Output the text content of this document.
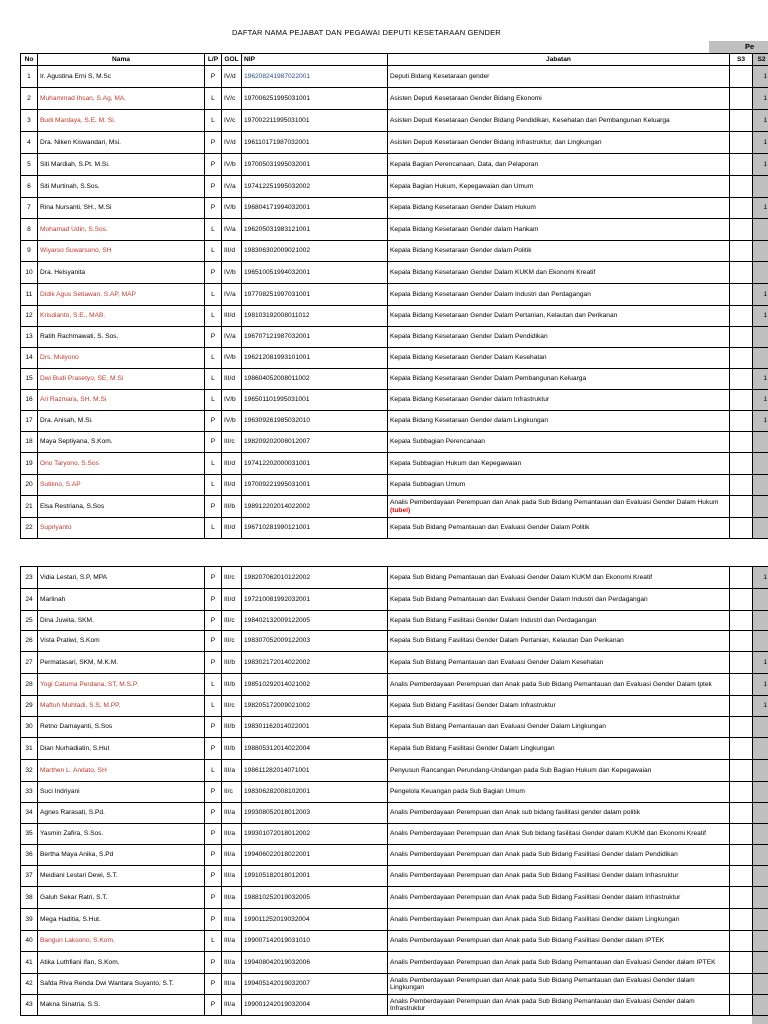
DAFTAR NAMA PEJABAT DAN PEGAWAI DEPUTI KESETARAAN GENDER
Pe
No	Nama	L/P	GOL	NIP	Jabatan	S3	S2
1	Ir. Agustina Erni S, M.Sc	P	IV/d	196208241987022001	Deputi Bidang Kesetaraan gender		1
2	Muhammad Ihsan, S.Ag, MA.	L	IV/c	197006251995031001	Asisten Deputi Kesetaraan Gender Bidang Ekonomi		1
3	Budi Mardaya, S.E, M. Si.	L	IV/c	197002211995031001	Asisten Deputi Kesetaraan Gender Bidang Pendidikan, Kesehatan dan Pembangunan Keluarga		1
4	Dra. Niken Kiswandari, Msi.	P	IV/d	196110171987032001	Asisten Deputi Kesetaraan Gender Bidang Infrastruktur, dan Lingkungan		1
5	Siti Mardiah, S.Pt. M.Si.	P	IV/b	197005031995032001	Kepala Bagian Perencanaan, Data, dan Pelaporan		1
6	Siti Murtinah, S.Sos.	P	IV/a	197412251995032002	Kepala Bagian Hukum, Kepegawaian dan Umum		
7	Rina Nursanti, SH., M.Si	P	IV/b	196804171994032001	Kepala Bidang Kesetaraan Gender Dalam Hukum		1
8	Mohamad Udin, S.Sos.	L	IV/a	196205031983121001	Kepala Bidang Kesetaraan Gender dalam Hankam		
9	Wiyarso Suwarsono, SH	L	III/d	198306302009021002	Kepala Bidang Kesetaraan Gender dalam Politik		
10	Dra. Helsyanita	P	IV/b	196510051994032001	Kepala Bidang Kesetaraan Gender Dalam KUKM dan Ekonomi Kreatif		
11	Didik Agus Setiawan, S.AP, MAP	L	IV/a	197708251997031001	Kepala Bidang Kesetaraan Gender Dalam Industri dan Perdagangan		1
12	Krisdianto, S.E., MAB.	L	III/d	198103192008011012	Kepala Bidang Kesetaraan Gender Dalam Pertanian, Kelautan dan Perikanan		1
13	Ratih Rachmawati, S. Sos.	P	IV/a	196707121987032001	Kepala Bidang Kesetaraan Gender Dalam Pendidikan		
14	Drs. Mulyono	L	IV/b	196212081993101001	Kepala Bidang Kesetaraan Gender Dalam Kesehatan		
15	Dwi Budi Prasetyo, SE, M.Si	L	III/d	198604052008011002	Kepala Bidang Kesetaraan Gender Dalam Pembangunan Keluarga		1
16	Ari Razmara, SH. M.Si	L	IV/b	196501101995031001	Kepala Bidang Kesetaraan Gender dalam Infrastruktur		1
17	Dra. Anisah, M.Si.	P	IV/b	196309261985032010	Kepala Bidang Kesetaraan Gender dalam Lingkungan		1
18	Maya Septiyana, S.Kom.	P	III/c	198209202008012007	Kepala Subbagian Perencanaan		
19	Ono Taryono, S.Sos	L	III/d	197412202000031001	Kepala Subbagian Hukum dan Kepegawaian		
20	Sutikno, S.AP	L	III/d	197009221995031001	Kepala Subbagian Umum		
21	Elsa Restriana, S.Sos	P	III/b	198912202014022002	Analis Pemberdayaan Perempuan dan Anak pada Sub Bidang Pemantauan dan Evaluasi Gender Dalam Hukum (tubel)		
22	Supriyanto	L	III/d	196710281990121001	Kepala Sub Bidang Pemantauan dan Evaluasi Gender Dalam Politik		
23	Vidia Lestari, S.P, MPA	P	III/c	198207062010122002	Kepala Sub Bidang Pemantauan dan Evaluasi Gender Dalam KUKM dan Ekonomi Kreatif		1
24	Marlinah	P	III/d	197210081992032001	Kepala Sub Bidang Pemantauan dan Evaluasi Gender Dalam Industri dan Perdagangan		
25	Dina Juwita, SKM.	P	III/c	198402132009122005	Kepala Sub Bidang Fasilitasi Gender Dalam Industri dan Perdagangan		
26	Vista Pratiwi, S.Kom	P	III/c	198307052009122003	Kepala Sub Bidang Fasilitasi Gender Dalam Pertanian, Kelautan Dan Perikanan		
27	Permatasari, SKM, M.K.M.	P	III/b	198302172014022002	Kepala Sub Bidang Pemantauan dan Evaluasi Gender Dalam Kesehatan		1
28	Yogi Catuma Perdana, ST, M.S.P.	L	III/b	198510292014021002	Analis Pemberdayaan Perempuan dan Anak pada Sub Bidang Pemantauan dan Evaluasi Gender Dalam Iptek		1
29	Maftuh Muhtadi, S.S, M.PP.	L	III/c	198205172009021002	Kepala Sub Bidang Fasilitasi Gender Dalam Infrastruktur		1
30	Retno Damayanti, S.Sos	P	III/b	198301162014022001	Kepala Sub Bidang Pemantauan dan Evaluasi Gender Dalam Lingkungan		
31	Dian Nurhadiatin, S.Hut	P	III/b	198805312014022004	Kepala Sub Bidang Fasilitasi Gender Dalam Lingkungan		
32	Marthen L. Andato, SH	L	III/a	198611282014071001	Penyusun Rancangan Perundang-Undangan pada Sub Bagian Hukum dan Kepegawaian		
33	Suci Indriyani	P	II/c	198306282008102001	Pengelola Keuangan pada Sub Bagian Umum		
34	Agnes Rarasati, S.Pd.	P	III/a	199308052018012003	Analis Pemberdayaan Perempuan dan Anak sub bidang fasilitasi gender dalam politik		
35	Yasmin Zafira, S.Sos.	P	III/a	199301072018012002	Analis Pemberdayaan Perempuan dan Anak Sub bidang fasilitasi Gender dalam KUKM dan Ekonomi Kreatif		
36	Bertha Maya Anika, S.Pd	P	III/a	199406022018022001	Analis Pemberdayaan Perempuan dan Anak pada Sub Bidang Fasilitasi Gender dalam Pendidikan		
37	Meidiani Lestari Dewi, S.T.	P	III/a	199105182018012001	Analis Pemberdayaan Perempuan dan Anak pada Sub Bidang Fasilitasi Gender dalam Infrasruktur		
38	Galuh Sekar Ratri, S.T.	P	III/a	198810252019032005	Analis Pemberdayaan Perempuan dan Anak pada Sub Bidang Fasilitasi Gender dalam Infrastruktur		
39	Mega Haditia, S.Hut.	P	III/a	199011252019032004	Analis Pemberdayaan Perempuan dan Anak pada Sub Bidang Fasilitasi Gender dalam Lingkungan		
40	Bangun Laksono, S.Kom.	L	III/a	199007142019031010	Analis Pemberdayaan Perempuan dan Anak pada Sub Bidang Fasilitasi Gender dalam IPTEK		
41	Atika Luthfiani Ifan, S.Kom.	P	III/a	199408042019032006	Analis Pemberdayaan Perempuan dan Anak pada Sub Bidang Pemantauan dan Evaluasi Gender dalam IPTEK		
42	Safda Riva Renda Dwi Wantara Suyanto, S.T.	P	III/a	199405142019032007	Analis Pemberdayaan Perempuan dan Anak pada Sub Bidang Pemantauan dan Evaluasi Gender dalam Lingkungan		
43	Makna Sinatria, S.S.	P	III/a	199001242019032004	Analis Pemberdayaan Perempuan dan Anak pada Sub Bidang Pemantauan dan Evaluasi Gender dalam Infrastruktur		
